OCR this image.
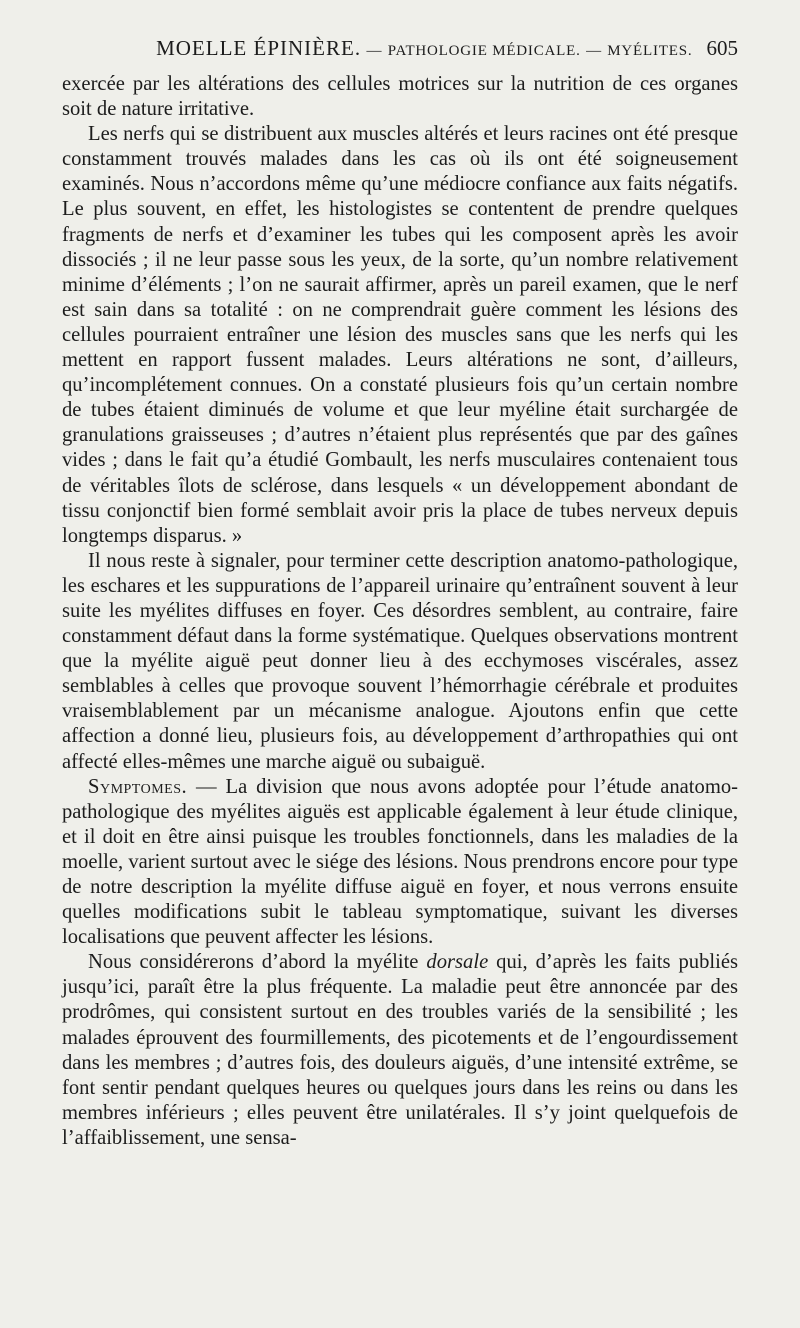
MOELLE ÉPINIÈRE. — PATHOLOGIE MÉDICALE. — MYÉLITES. 605

exercée par les altérations des cellules motrices sur la nutrition de ces organes soit de nature irritative.

Les nerfs qui se distribuent aux muscles altérés et leurs racines ont été presque constamment trouvés malades dans les cas où ils ont été soigneusement examinés. Nous n’accordons même qu’une médiocre confiance aux faits négatifs. Le plus souvent, en effet, les histologistes se contentent de prendre quelques fragments de nerfs et d’examiner les tubes qui les composent après les avoir dissociés ; il ne leur passe sous les yeux, de la sorte, qu’un nombre relativement minime d’éléments ; l’on ne saurait affirmer, après un pareil examen, que le nerf est sain dans sa totalité : on ne comprendrait guère comment les lésions des cellules pourraient entraîner une lésion des muscles sans que les nerfs qui les mettent en rapport fussent malades. Leurs altérations ne sont, d’ailleurs, qu’incomplétement connues. On a constaté plusieurs fois qu’un certain nombre de tubes étaient diminués de volume et que leur myéline était surchargée de granulations graisseuses ; d’autres n’étaient plus représentés que par des gaînes vides ; dans le fait qu’a étudié Gombault, les nerfs musculaires contenaient tous de véritables îlots de sclérose, dans lesquels « un développement abondant de tissu conjonctif bien formé semblait avoir pris la place de tubes nerveux depuis longtemps disparus. »

Il nous reste à signaler, pour terminer cette description anatomo-pathologique, les eschares et les suppurations de l’appareil urinaire qu’entraînent souvent à leur suite les myélites diffuses en foyer. Ces désordres semblent, au contraire, faire constamment défaut dans la forme systématique. Quelques observations montrent que la myélite aiguë peut donner lieu à des ecchymoses viscérales, assez semblables à celles que provoque souvent l’hémorrhagie cérébrale et produites vraisemblablement par un mécanisme analogue. Ajoutons enfin que cette affection a donné lieu, plusieurs fois, au développement d’arthropathies qui ont affecté elles-mêmes une marche aiguë ou subaiguë.

Symptomes. — La division que nous avons adoptée pour l’étude anatomo-pathologique des myélites aiguës est applicable également à leur étude clinique, et il doit en être ainsi puisque les troubles fonctionnels, dans les maladies de la moelle, varient surtout avec le siége des lésions. Nous prendrons encore pour type de notre description la myélite diffuse aiguë en foyer, et nous verrons ensuite quelles modifications subit le tableau symptomatique, suivant les diverses localisations que peuvent affecter les lésions.

Nous considérerons d’abord la myélite dorsale qui, d’après les faits publiés jusqu’ici, paraît être la plus fréquente. La maladie peut être annoncée par des prodrômes, qui consistent surtout en des troubles variés de la sensibilité ; les malades éprouvent des fourmillements, des picotements et de l’engourdissement dans les membres ; d’autres fois, des douleurs aiguës, d’une intensité extrême, se font sentir pendant quelques heures ou quelques jours dans les reins ou dans les membres inférieurs ; elles peuvent être unilatérales. Il s’y joint quelquefois de l’affaiblissement, une sensa-
